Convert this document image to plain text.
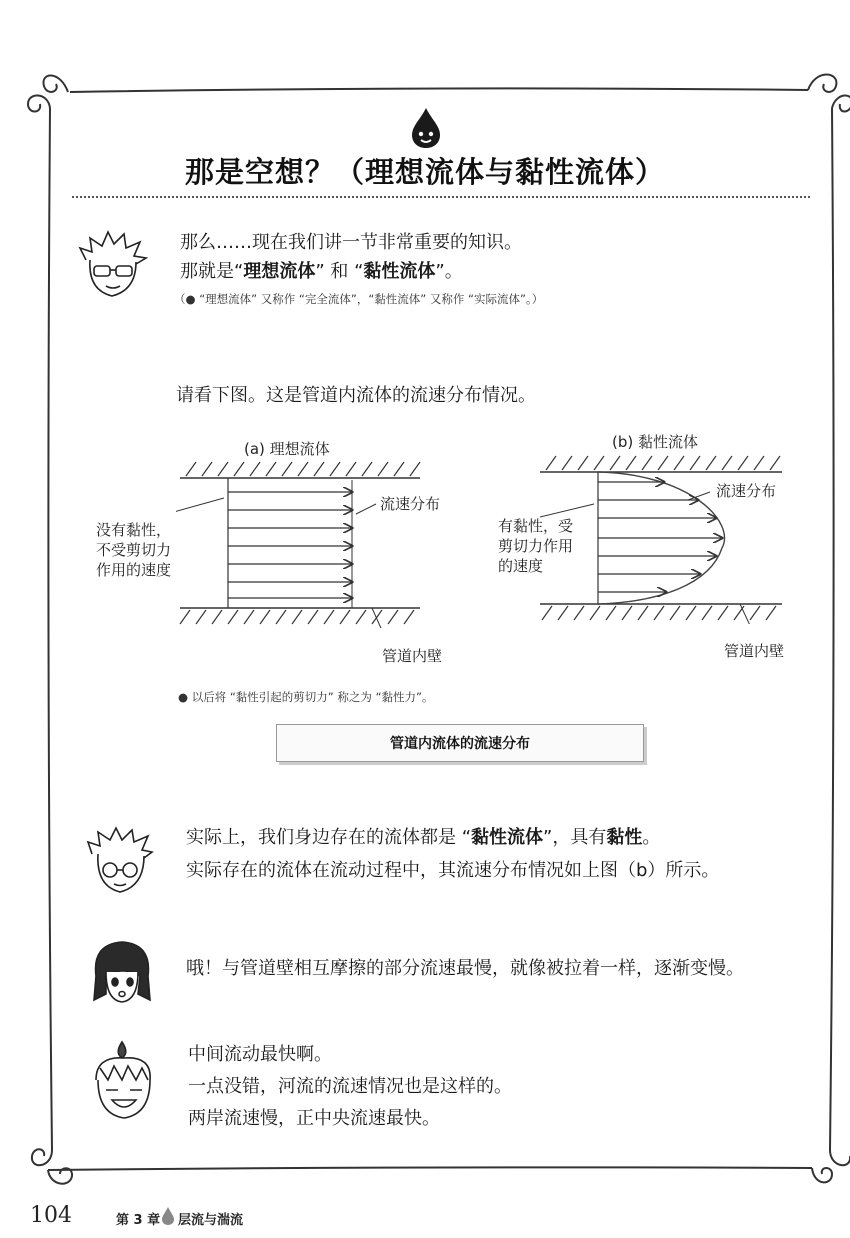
那是空想？（理想流体与黏性流体）
那么……现在我们讲一节非常重要的知识。
那就是“理想流体” 和 “黏性流体”。
（● “理想流体” 又称作 “完全流体”，“黏性流体” 又称作 “实际流体”。）
请看下图。这是管道内流体的流速分布情况。
(a) 理想流体
没有黏性，
不受剪切力
作用的速度
流速分布
管道内壁
(b) 黏性流体
有黏性，受
剪切力作用
的速度
流速分布
管道内壁
● 以后将 “黏性引起的剪切力” 称之为 “黏性力”。
管道内流体的流速分布
实际上，我们身边存在的流体都是 “黏性流体”，具有黏性。
实际存在的流体在流动过程中，其流速分布情况如上图（b）所示。
哦！与管道壁相互摩擦的部分流速最慢，就像被拉着一样，逐渐变慢。
中间流动最快啊。
一点没错，河流的流速情况也是这样的。
两岸流速慢，正中央流速最快。
104	第 3 章 层流与湍流
